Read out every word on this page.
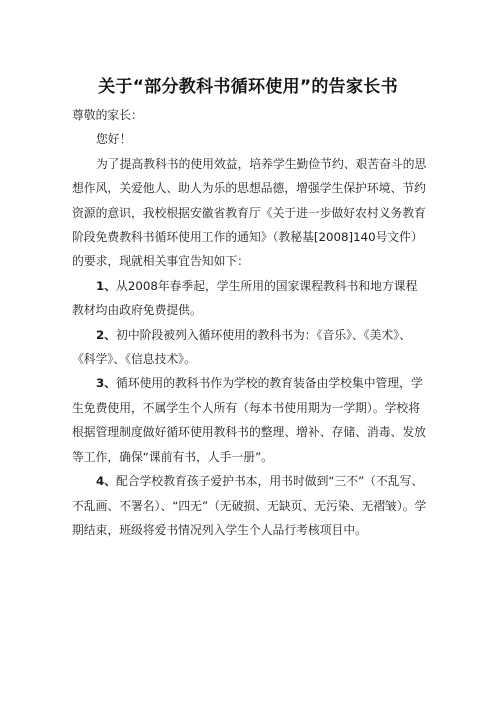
关于“部分教科书循环使用”的告家长书

尊敬的家长：

您好！

为了提高教科书的使用效益，培养学生勤俭节约、艰苦奋斗的思想作风，关爱他人、助人为乐的思想品德，增强学生保护环境、节约资源的意识，我校根据安徽省教育厅《关于进一步做好农村义务教育阶段免费教科书循环使用工作的通知》（教秘基[2008]140号文件）的要求，现就相关事宜告知如下：

1、从2008年春季起，学生所用的国家课程教科书和地方课程教材均由政府免费提供。

2、初中阶段被列入循环使用的教科书为：《音乐》、《美术》、《科学》、《信息技术》。

3、循环使用的教科书作为学校的教育装备由学校集中管理，学生免费使用，不属学生个人所有（每本书使用期为一学期）。学校将根据管理制度做好循环使用教科书的整理、增补、存储、消毒、发放等工作，确保“课前有书，人手一册”。

4、配合学校教育孩子爱护书本，用书时做到“三不”（不乱写、不乱画、不署名）、“四无”（无破损、无缺页、无污染、无褶皱）。学期结束，班级将爱书情况列入学生个人品行考核项目中。
